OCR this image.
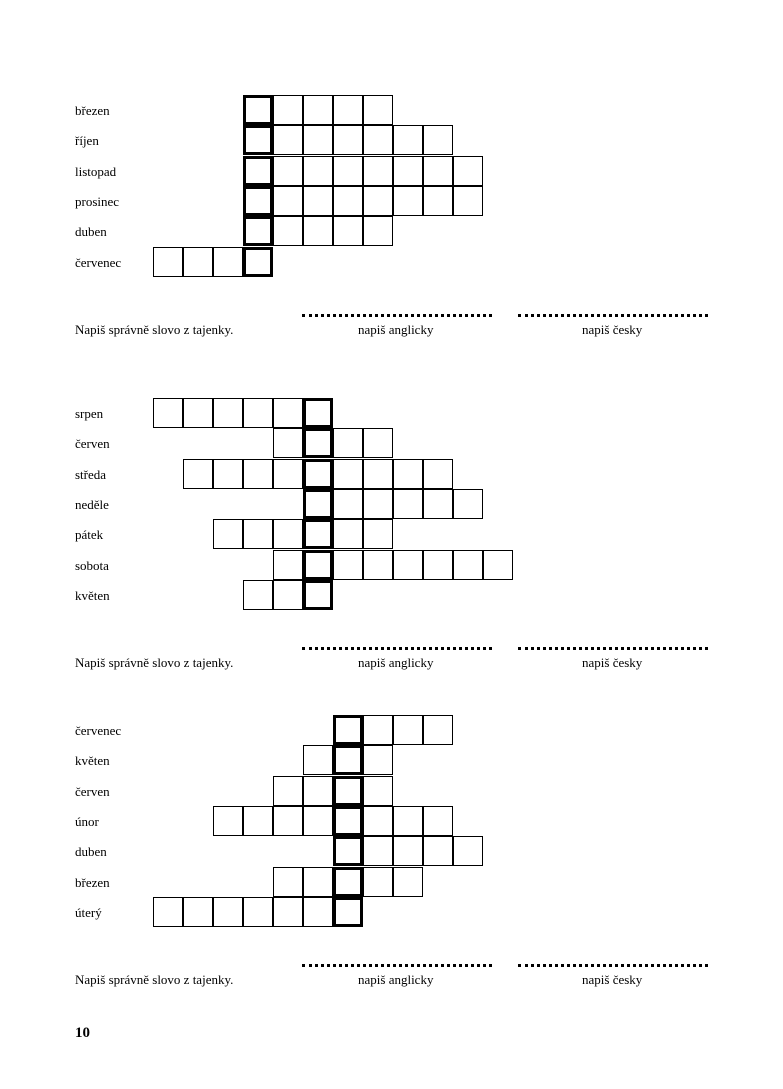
březen
říjen
listopad
prosinec
duben
červenec
Napiš správně slovo z tajenky.	napiš anglicky	napiš česky
srpen
červen
středa
neděle
pátek
sobota
květen
Napiš správně slovo z tajenky.	napiš anglicky	napiš česky
červenec
květen
červen
únor
duben
březen
úterý
Napiš správně slovo z tajenky.	napiš anglicky	napiš česky
10
